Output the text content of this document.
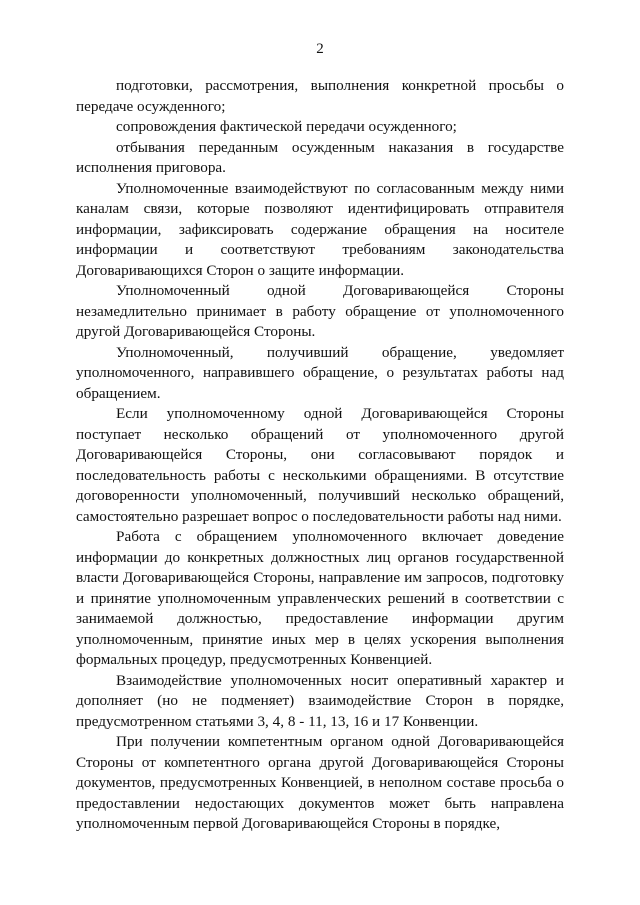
2

подготовки, рассмотрения, выполнения конкретной просьбы о передаче осужденного;

сопровождения фактической передачи осужденного;

отбывания переданным осужденным наказания в государстве исполнения приговора.

Уполномоченные взаимодействуют по согласованным между ними каналам связи, которые позволяют идентифицировать отправителя информации, зафиксировать содержание обращения на носителе информации и соответствуют требованиям законодательства Договаривающихся Сторон о защите информации.

Уполномоченный одной Договаривающейся Стороны незамедлительно принимает в работу обращение от уполномоченного другой Договаривающейся Стороны.

Уполномоченный, получивший обращение, уведомляет уполномоченного, направившего обращение, о результатах работы над обращением.

Если уполномоченному одной Договаривающейся Стороны поступает несколько обращений от уполномоченного другой Договаривающейся Стороны, они согласовывают порядок и последовательность работы с несколькими обращениями. В отсутствие договоренности уполномоченный, получивший несколько обращений, самостоятельно разрешает вопрос о последовательности работы над ними.

Работа с обращением уполномоченного включает доведение информации до конкретных должностных лиц органов государственной власти Договаривающейся Стороны, направление им запросов, подготовку и принятие уполномоченным управленческих решений в соответствии с занимаемой должностью, предоставление информации другим уполномоченным, принятие иных мер в целях ускорения выполнения формальных процедур, предусмотренных Конвенцией.

Взаимодействие уполномоченных носит оперативный характер и дополняет (но не подменяет) взаимодействие Сторон в порядке, предусмотренном статьями 3, 4, 8 - 11, 13, 16 и 17 Конвенции.

При получении компетентным органом одной Договаривающейся Стороны от компетентного органа другой Договаривающейся Стороны документов, предусмотренных Конвенцией, в неполном составе просьба о предоставлении недостающих документов может быть направлена уполномоченным первой Договаривающейся Стороны в порядке,
